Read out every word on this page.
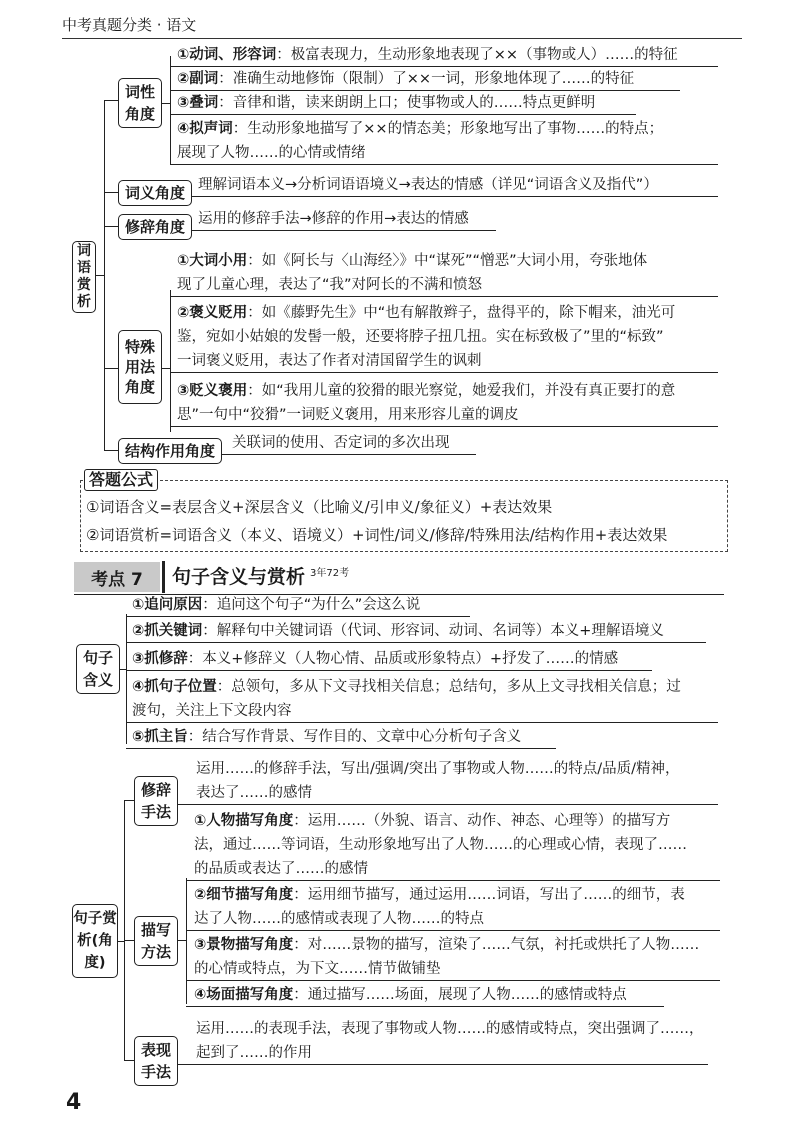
中考真题分类 · 语文
词语赏析
词性角度
①动词、形容词：极富表现力，生动形象地表现了××（事物或人）……的特征
②副词：准确生动地修饰（限制）了××一词，形象地体现了……的特征
③叠词：音律和谐，读来朗朗上口；使事物或人的……特点更鲜明
④拟声词：生动形象地描写了××的情态美；形象地写出了事物……的特点；
展现了人物……的心情或情绪
词义角度 理解词语本义→分析词语语境义→表达的情感（详见“词语含义及指代”）
修辞角度 运用的修辞手法→修辞的作用→表达的情感
特殊用法角度
①大词小用：如《阿长与〈山海经〉》中“谋死”“憎恶”大词小用，夸张地体
现了儿童心理，表达了“我”对阿长的不满和愤怒
②褒义贬用：如《藤野先生》中“也有解散辫子，盘得平的，除下帽来，油光可
鉴，宛如小姑娘的发髻一般，还要将脖子扭几扭。实在标致极了”里的“标致”
一词褒义贬用，表达了作者对清国留学生的讽刺
③贬义褒用：如“我用儿童的狡猾的眼光察觉，她爱我们，并没有真正要打的意
思”一句中“狡猾”一词贬义褒用，用来形容儿童的调皮
结构作用角度 关联词的使用、否定词的多次出现
答题公式
①词语含义=表层含义+深层含义（比喻义/引申义/象征义）+表达效果
②词语赏析=词语含义（本义、语境义）+词性/词义/修辞/特殊用法/结构作用+表达效果
考点 7	句子含义与赏析 3年72考
句子含义
①追问原因：追问这个句子“为什么”会这么说
②抓关键词：解释句中关键词语（代词、形容词、动词、名词等）本义+理解语境义
③抓修辞：本义+修辞义（人物心情、品质或形象特点）+抒发了……的情感
④抓句子位置：总领句，多从下文寻找相关信息；总结句，多从上文寻找相关信息；过
渡句，关注上下文段内容
⑤抓主旨：结合写作背景、写作目的、文章中心分析句子含义
句子赏析(角度)
修辞手法
运用……的修辞手法，写出/强调/突出了事物或人物……的特点/品质/精神，
表达了……的感情
描写方法
①人物描写角度：运用……（外貌、语言、动作、神态、心理等）的描写方
法，通过……等词语，生动形象地写出了人物……的心理或心情，表现了……
的品质或表达了……的感情
②细节描写角度：运用细节描写，通过运用……词语，写出了……的细节，表
达了人物……的感情或表现了人物……的特点
③景物描写角度：对……景物的描写，渲染了……气氛，衬托或烘托了人物……
的心情或特点，为下文……情节做铺垫
④场面描写角度：通过描写……场面，展现了人物……的感情或特点
表现手法
运用……的表现手法，表现了事物或人物……的感情或特点，突出强调了……，
起到了……的作用
4
